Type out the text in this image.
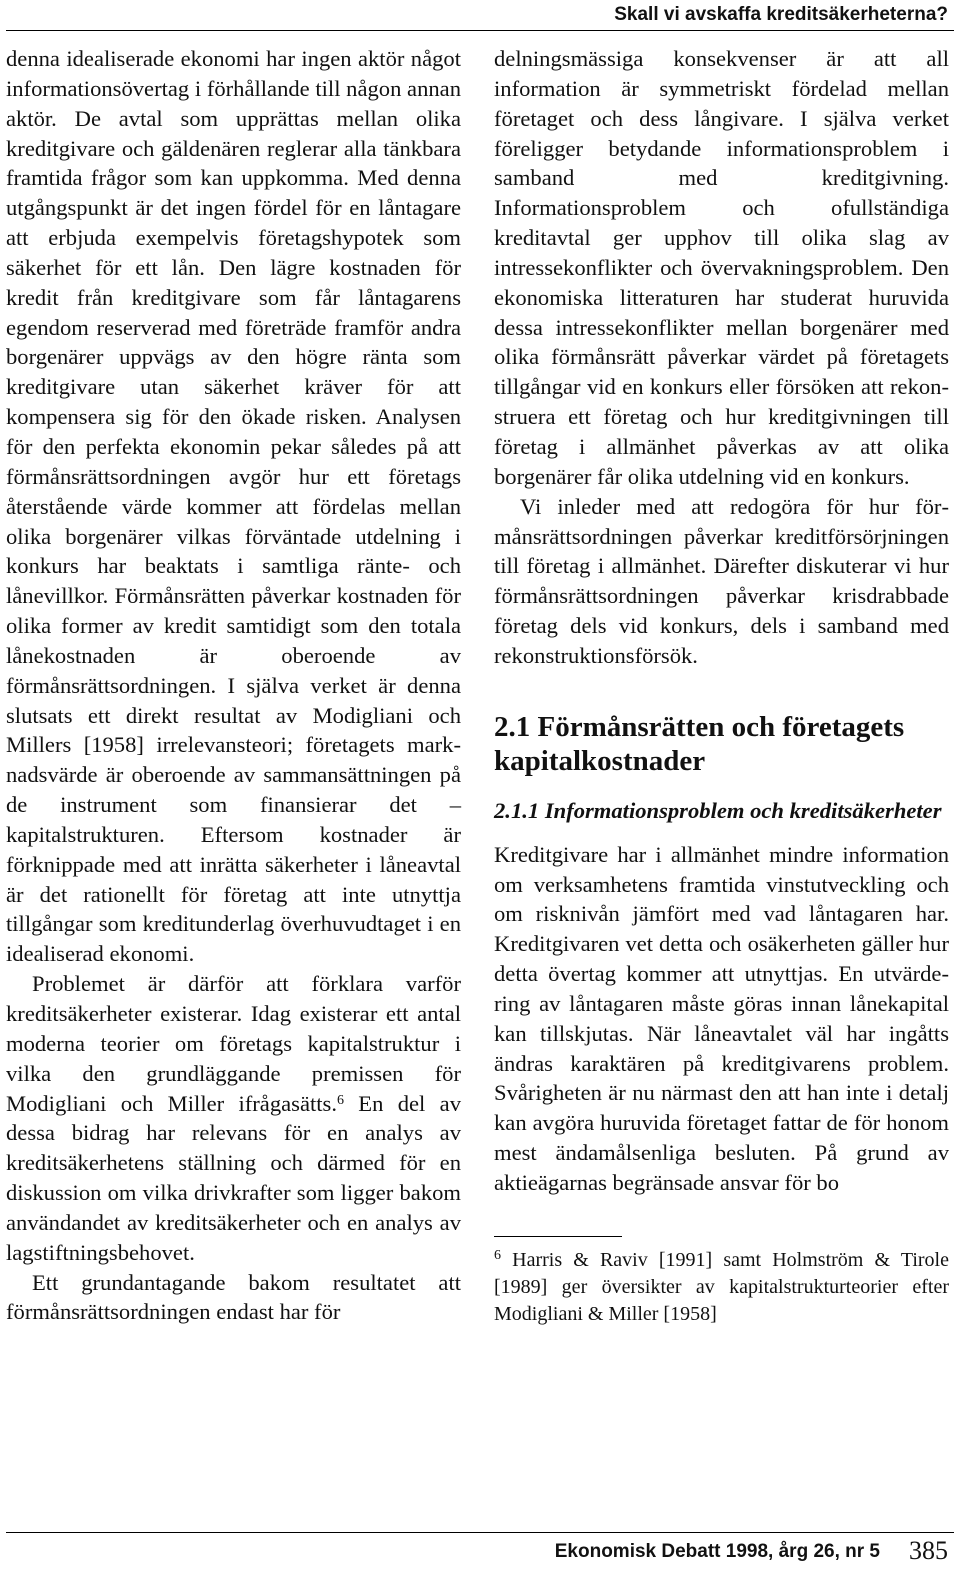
Skall vi avskaffa kreditsäkerheterna?

denna idealiserade ekonomi har ingen aktör något informationsövertag i förhållande till någon annan aktör. De avtal som upprättas mellan olika kreditgivare och gäldenären reglerar alla tänkbara framtida frågor som kan uppkomma. Med denna utgångspunkt är det ingen fördel för en låntagare att erbjuda exempelvis företagshypotek som säkerhet för ett lån. Den lägre kostnaden för kredit från kreditgivare som får låntagarens egendom reserverad med företräde framför andra borgenärer uppvägs av den högre ränta som kreditgivare utan säkerhet kräver för att kompensera sig för den ökade risken. Analysen för den perfekta ekonomin pekar således på att förmånsrättsordningen avgör hur ett företags återstående värde kommer att fördelas mellan olika borgenärer vilkas förväntade utdelning i konkurs har beaktats i samtliga ränte- och lånevillkor. Förmånsrätten påverkar kostnaden för olika former av kredit samtidigt som den totala lånekostnaden är oberoende av förmånsrättsordningen. I själva verket är denna slutsats ett direkt resultat av Modigliani och Millers [1958] irrelevansteori; företagets marknadsvärde är oberoende av sammansättningen på de instrument som finansierar det – kapitalstrukturen. Eftersom kostnader är förknippade med att inrätta säkerheter i låneavtal är det rationellt för företag att inte utnyttja tillgångar som kreditunderlag överhuvudtaget i en idealiserad ekonomi.

Problemet är därför att förklara varför kreditsäkerheter existerar. Idag existerar ett antal moderna teorier om företags kapitalstruktur i vilka den grundläggande premissen för Modigliani och Miller ifrågasätts.$^6$ En del av dessa bidrag har relevans för en analys av kreditsäkerhetens ställning och därmed för en diskussion om vilka drivkrafter som ligger bakom användandet av kreditsäkerheter och en analys av lagstiftningsbehovet.

Ett grundantagande bakom resultatet att förmånsrättsordningen endast har för

delningsmässiga konsekvenser är att all information är symmetriskt fördelad mellan företaget och dess långivare. I själva verket föreligger betydande informationsproblem i samband med kreditgivning. Informationsproblem och ofullständiga kreditavtal ger upphov till olika slag av intressekonflikter och övervakningsproblem. Den ekonomiska litteraturen har studerat huruvida dessa intressekonflikter mellan borgenärer med olika förmånsrätt påverkar värdet på företagets tillgångar vid en konkurs eller försöken att rekonstruera ett företag och hur kreditgivningen till företag i allmänhet påverkas av att olika borgenärer får olika utdelning vid en konkurs.

Vi inleder med att redogöra för hur förmånsrättsordningen påverkar kreditförsörjningen till företag i allmänhet. Därefter diskuterar vi hur förmånsrättsordningen påverkar krisdrabbade företag dels vid konkurs, dels i samband med rekonstruktionsförsök.

2.1 Förmånsrätten och företagets kapitalkostnader
2.1.1 Informationsproblem och kreditsäkerheter

Kreditgivare har i allmänhet mindre information om verksamhetens framtida vinstutveckling och om risknivån jämfört med vad låntagaren har. Kreditgivaren vet detta och osäkerheten gäller hur detta övertag kommer att utnyttjas. En utvärdering av låntagaren måste göras innan lånekapital kan tillskjutas. När låneavtalet väl har ingåtts ändras karaktären på kreditgivarens problem. Svårigheten är nu närmast den att han inte i detalj kan avgöra huruvida företaget fattar de för honom mest ändamålsenliga besluten. På grund av aktieägarnas begränsade ansvar för bo

$^6$ Harris & Raviv [1991] samt Holmström & Tirole [1989] ger översikter av kapitalstrukturteorier efter Modigliani & Miller [1958]
Ekonomisk Debatt 1998, årg 26, nr 5 385
